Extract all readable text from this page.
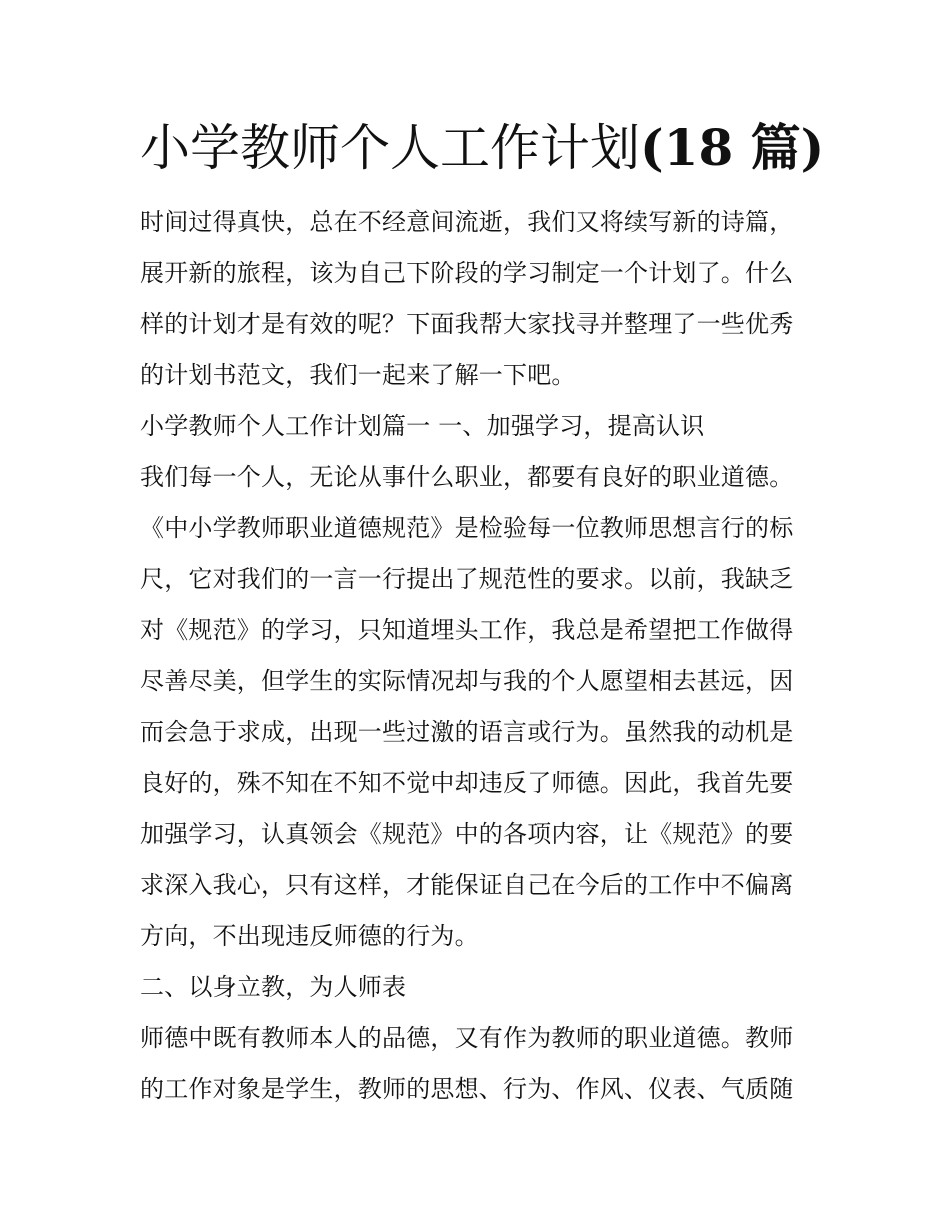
小学教师个人工作计划(18 篇)
时间过得真快，总在不经意间流逝，我们又将续写新的诗篇，
展开新的旅程，该为自己下阶段的学习制定一个计划了。什么
样的计划才是有效的呢？下面我帮大家找寻并整理了一些优秀
的计划书范文，我们一起来了解一下吧。
小学教师个人工作计划篇一 一、加强学习，提高认识
我们每一个人，无论从事什么职业，都要有良好的职业道德。
《中小学教师职业道德规范》是检验每一位教师思想言行的标
尺，它对我们的一言一行提出了规范性的要求。以前，我缺乏
对《规范》的学习，只知道埋头工作，我总是希望把工作做得
尽善尽美，但学生的实际情况却与我的个人愿望相去甚远，因
而会急于求成，出现一些过激的语言或行为。虽然我的动机是
良好的，殊不知在不知不觉中却违反了师德。因此，我首先要
加强学习，认真领会《规范》中的各项内容，让《规范》的要
求深入我心，只有这样，才能保证自己在今后的工作中不偏离
方向，不出现违反师德的行为。
二、以身立教，为人师表
师德中既有教师本人的品德，又有作为教师的职业道德。教师
的工作对象是学生，教师的思想、行为、作风、仪表、气质随
